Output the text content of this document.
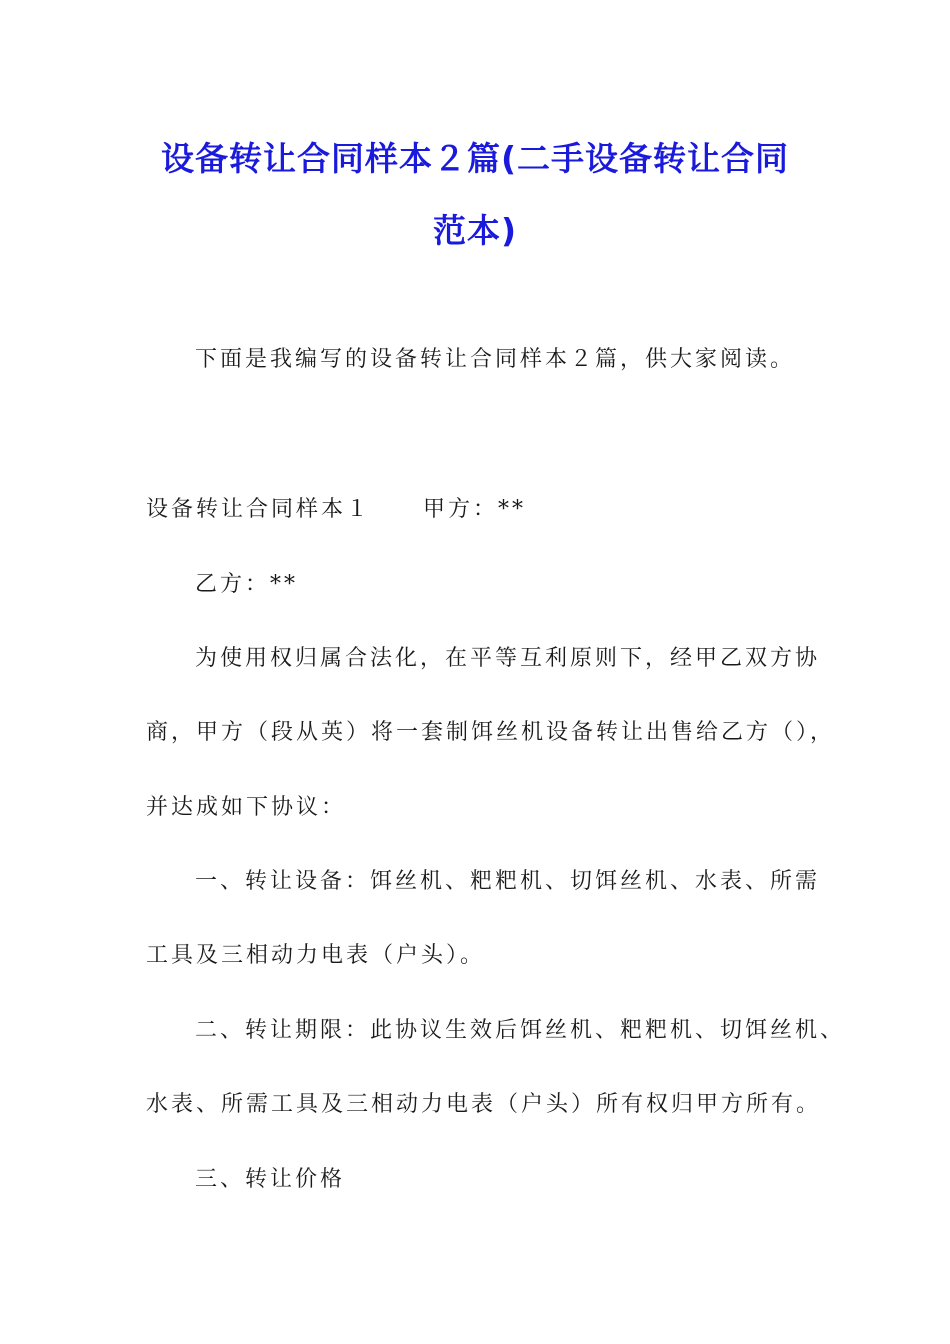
设备转让合同样本２篇(二手设备转让合同
范本)
下面是我编写的设备转让合同样本２篇，供大家阅读。
设备转让合同样本１ 甲方：**
乙方：**
为使用权归属合法化，在平等互利原则下，经甲乙双方协
商，甲方（段从英）将一套制饵丝机设备转让出售给乙方（），
并达成如下协议：
一、转让设备：饵丝机、粑粑机、切饵丝机、水表、所需
工具及三相动力电表（户头）。
二、转让期限：此协议生效后饵丝机、粑粑机、切饵丝机、
水表、所需工具及三相动力电表（户头）所有权归甲方所有。
三、转让价格
